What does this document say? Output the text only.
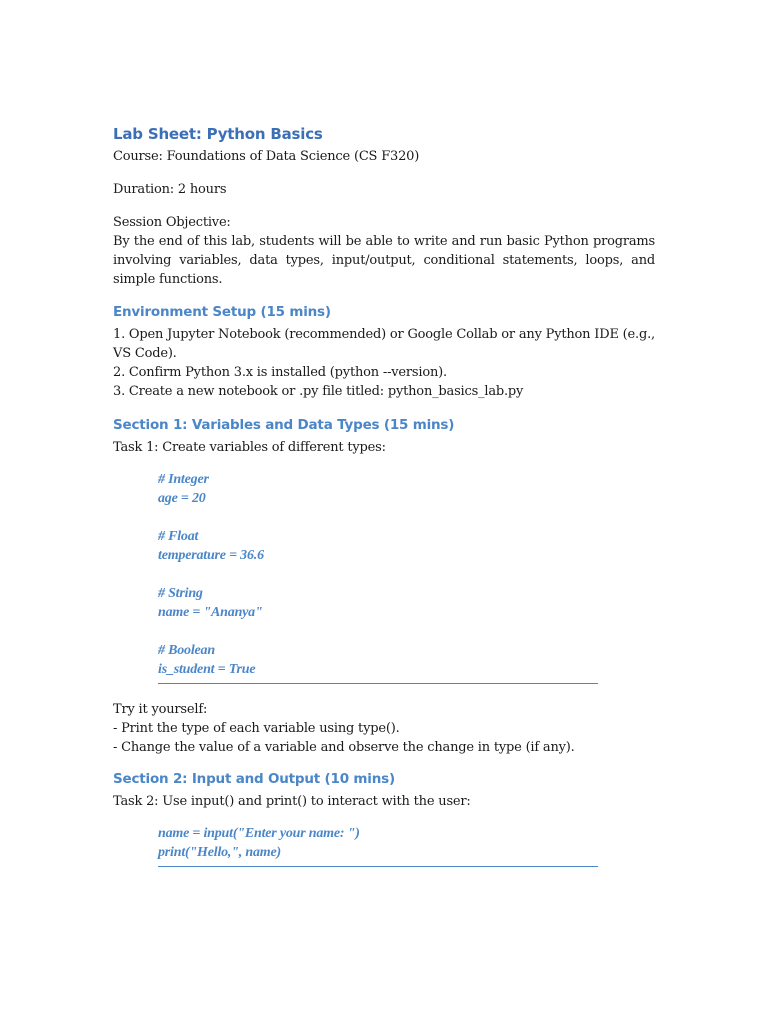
Lab Sheet: Python Basics

Course: Foundations of Data Science (CS F320)

Duration: 2 hours

Session Objective:

By the end of this lab, students will be able to write and run basic Python programs involving variables, data types, input/output, conditional statements, loops, and simple functions.

Environment Setup (15 mins)

1. Open Jupyter Notebook (recommended) or Google Collab or any Python IDE (e.g., VS Code).

2. Confirm Python 3.x is installed (python --version).

3. Create a new notebook or .py file titled: python_basics_lab.py

Section 1: Variables and Data Types (15 mins)

Task 1: Create variables of different types:

# Integer
age = 20
# Float
temperature = 36.6
# String
name = "Ananya"
# Boolean
is_student = True

Try it yourself:

- Print the type of each variable using type().

- Change the value of a variable and observe the change in type (if any).

Section 2: Input and Output (10 mins)

Task 2: Use input() and print() to interact with the user:

name = input("Enter your name: ")
print("Hello,", name)
